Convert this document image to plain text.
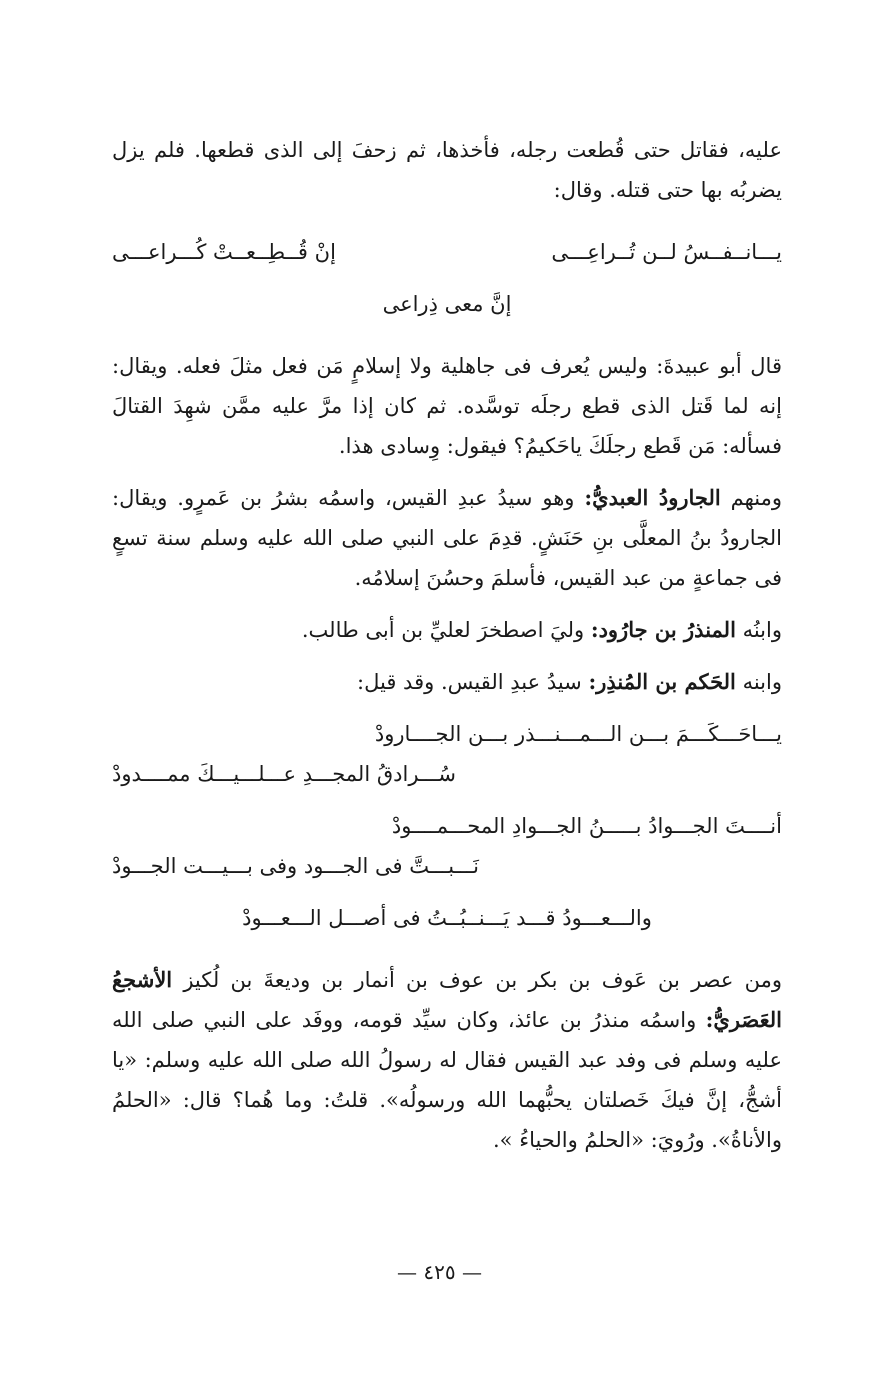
عليه، فقاتل حتى قُطعت رجله، فأخذها، ثم زحفَ إلى الذى قطعها. فلم يزل يضربُه بها حتى قتله. وقال:

يـــانــفــسُ لــن تُــراعِـــى
إنْ قُــطِــعــتْ كُـــراعـــى
إنَّ معى ذِراعى

قال أبو عبيدةَ: وليس يُعرف فى جاهلية ولا إسلامٍ مَن فعل مثلَ فعله. ويقال: إنه لما قَتل الذى قطع رجلَه توسَّده. ثم كان إذا مرَّ عليه ممَّن شهِدَ القتالَ فسأله: مَن قَطع رجلَكَ ياحَكيمُ؟ فيقول: وِسادى هذا.

ومنهم الجارودُ العبديُّ: وهو سيدُ عبدِ القيس، واسمُه بشرُ بن عَمرٍو. ويقال: الجارودُ بنُ المعلَّى بنِ حَنَشٍ. قدِمَ على النبي صلى الله عليه وسلم سنة تسعٍ فى جماعةٍ من عبد القيس، فأسلمَ وحسُنَ إسلامُه.

وابنُه المنذرُ بن جارُود: وليَ اصطخرَ لعليِّ بن أبى طالب.

وابنه الحَكم بن المُنذِر: سيدُ عبدِ القيس. وقد قيل:

يـــاحَـــكَـــمَ بـــن الـــمـــنـــذر بـــن الجــــارودْ
سُـــرادقُ المجـــدِ عـــلـــيـــكَ ممــــدودْ
أنــــتَ الجـــوادُ بـــــنُ الجـــوادِ المحـــمــــودْ
نَـــبـــتَّ فى الجـــود وفى بـــيـــت الجـــودْ
والـــعـــودُ قـــد يَـــنــبُــتُ فى أصـــل الـــعـــودْ

ومن عصر بن عَوف بن بكر بن عوف بن أنمار بن وديعةَ بن لُكيز الأشجعُ العَصَريُّ: واسمُه منذرُ بن عائذ، وكان سيِّد قومه، ووفَد على النبي صلى الله عليه وسلم فى وفد عبد القيس فقال له رسولُ الله صلى الله عليه وسلم: «يا أشجُّ، إنَّ فيكَ خَصلتان يحبُّهما الله ورسولُه». قلتُ: وما هُما؟ قال: «الحلمُ والأناةُ». ورُويَ: «الحلمُ والحياءُ ».

— ٤٢٥ —
